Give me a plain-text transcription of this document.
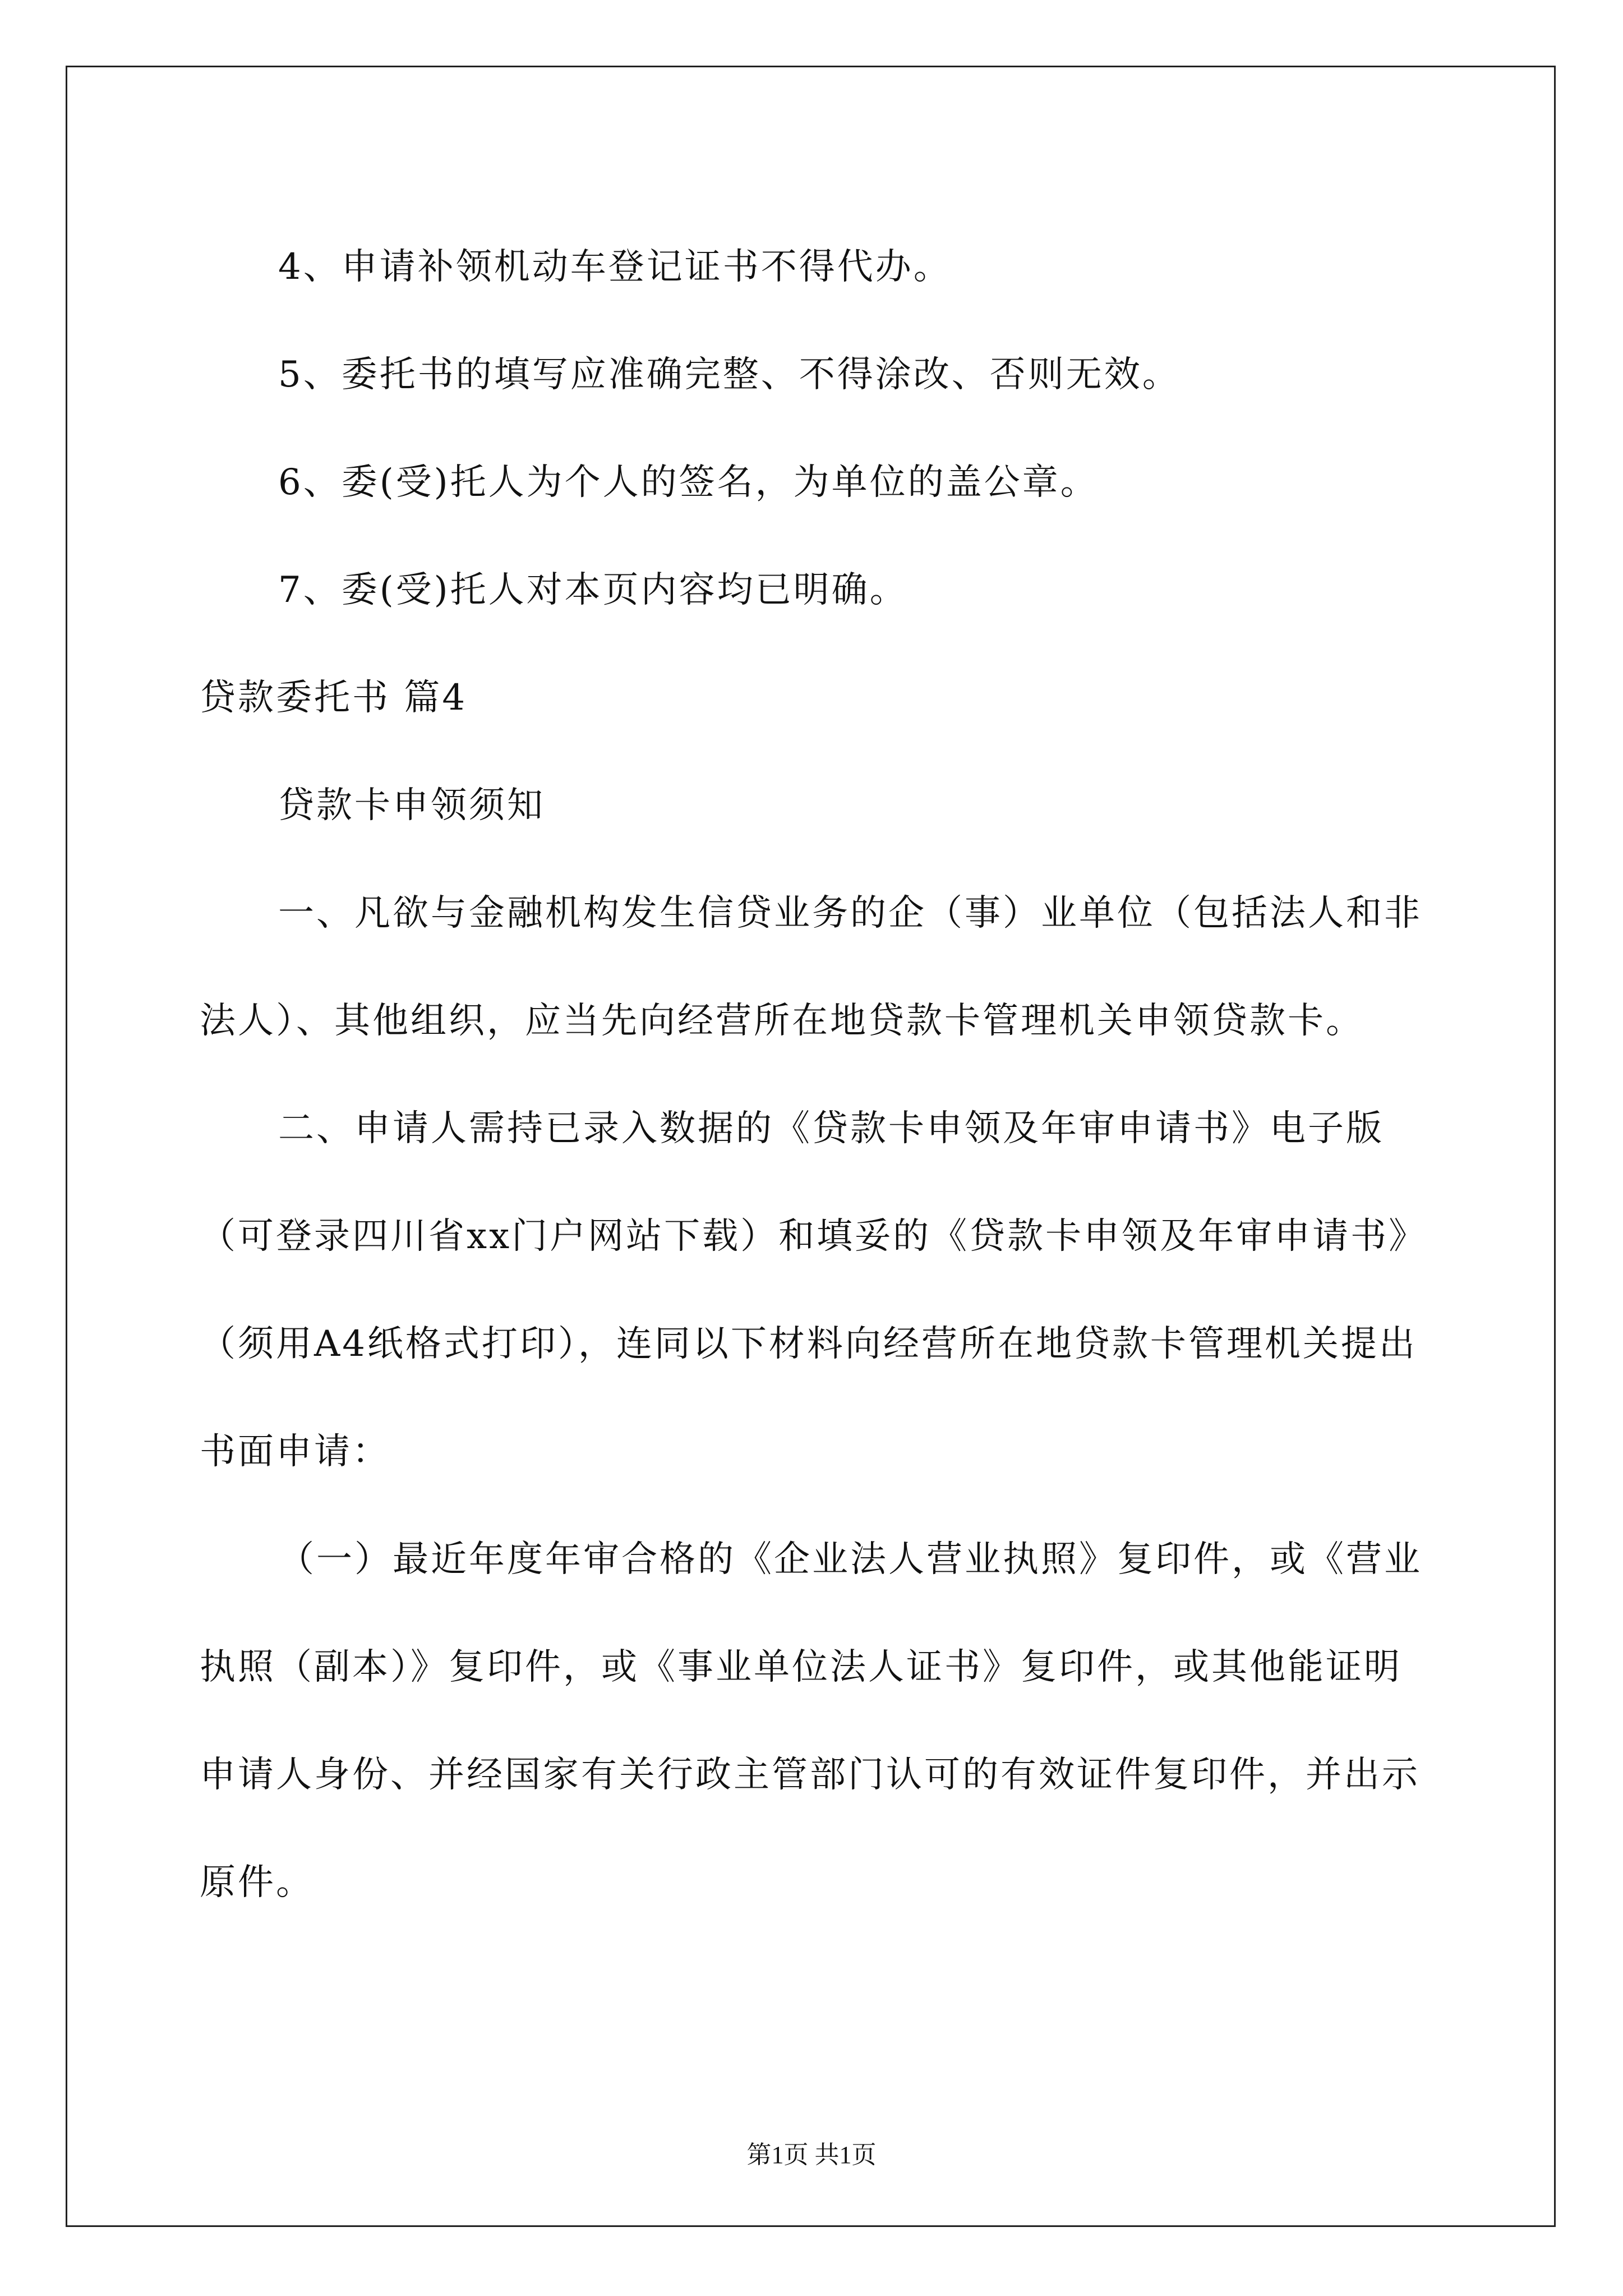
4、申请补领机动车登记证书不得代办。

5、委托书的填写应准确完整、不得涂改、否则无效。

6、委(受)托人为个人的签名，为单位的盖公章。

7、委(受)托人对本页内容均已明确。

贷款委托书 篇4

贷款卡申领须知

一、凡欲与金融机构发生信贷业务的企（事）业单位（包括法人和非法人）、其他组织，应当先向经营所在地贷款卡管理机关申领贷款卡。

二、申请人需持已录入数据的《贷款卡申领及年审申请书》电子版（可登录四川省xx门户网站下载）和填妥的《贷款卡申领及年审申请书》（须用A4纸格式打印），连同以下材料向经营所在地贷款卡管理机关提出书面申请：

（一）最近年度年审合格的《企业法人营业执照》复印件，或《营业执照（副本）》复印件，或《事业单位法人证书》复印件，或其他能证明申请人身份、并经国家有关行政主管部门认可的有效证件复印件，并出示原件。

第1页 共1页
